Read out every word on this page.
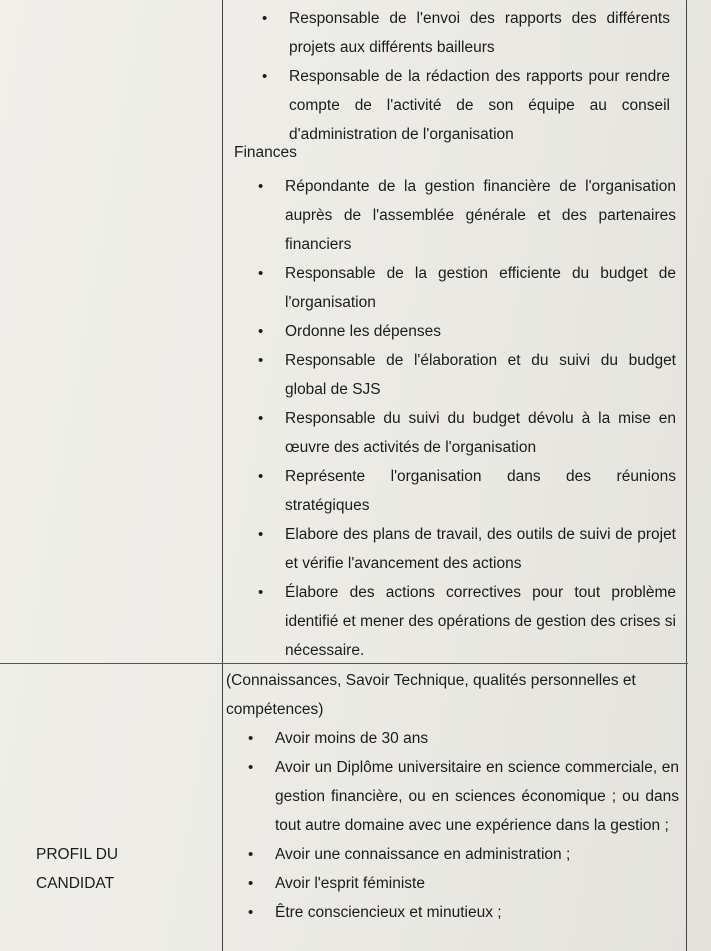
• Responsable de l'envoi des rapports des différents projets aux différents bailleurs
• Responsable de la rédaction des rapports pour rendre compte de l'activité de son équipe au conseil d'administration de l'organisation
Finances
• Répondante de la gestion financière de l'organisation auprès de l'assemblée générale et des partenaires financiers
• Responsable de la gestion efficiente du budget de l'organisation
• Ordonne les dépenses
• Responsable de l'élaboration et du suivi du budget global de SJS
• Responsable du suivi du budget dévolu à la mise en œuvre des activités de l'organisation
• Représente l'organisation dans des réunions stratégiques
• Elabore des plans de travail, des outils de suivi de projet et vérifie l'avancement des actions
• Élabore des actions correctives pour tout problème identifié et mener des opérations de gestion des crises si nécessaire.
PROFIL DU
CANDIDAT
(Connaissances, Savoir Technique, qualités personnelles et compétences)
• Avoir moins de 30 ans
• Avoir un Diplôme universitaire en science commerciale, en gestion financière, ou en sciences économique ; ou dans tout autre domaine avec une expérience dans la gestion ;
• Avoir une connaissance en administration ;
• Avoir l'esprit féministe
• Être consciencieux et minutieux ;
